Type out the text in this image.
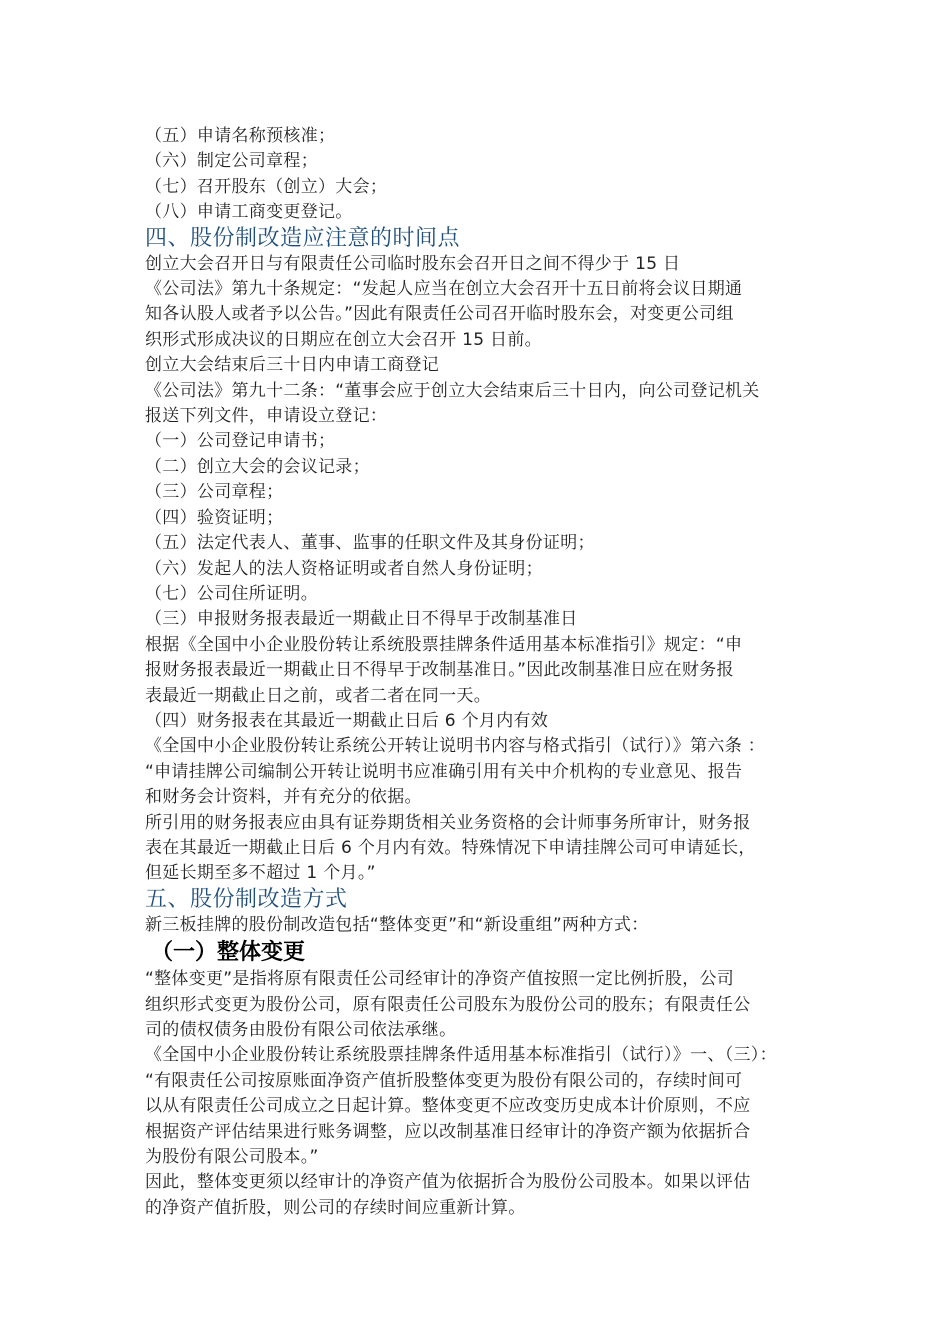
（五）申请名称预核准；
（六）制定公司章程；
（七）召开股东（创立）大会；
（八）申请工商变更登记。
四、股份制改造应注意的时间点
创立大会召开日与有限责任公司临时股东会召开日之间不得少于 15 日
《公司法》第九十条规定：“发起人应当在创立大会召开十五日前将会议日期通
知各认股人或者予以公告。”因此有限责任公司召开临时股东会，对变更公司组
织形式形成决议的日期应在创立大会召开 15 日前。
创立大会结束后三十日内申请工商登记
《公司法》第九十二条：“董事会应于创立大会结束后三十日内，向公司登记机关
报送下列文件，申请设立登记：
（一）公司登记申请书；
（二）创立大会的会议记录；
（三）公司章程；
（四）验资证明；
（五）法定代表人、董事、监事的任职文件及其身份证明；
（六）发起人的法人资格证明或者自然人身份证明；
（七）公司住所证明。
（三）申报财务报表最近一期截止日不得早于改制基准日
根据《全国中小企业股份转让系统股票挂牌条件适用基本标准指引》规定：“申
报财务报表最近一期截止日不得早于改制基准日。”因此改制基准日应在财务报
表最近一期截止日之前，或者二者在同一天。
（四）财务报表在其最近一期截止日后 6 个月内有效
《全国中小企业股份转让系统公开转让说明书内容与格式指引（试行）》第六条 ：
“申请挂牌公司编制公开转让说明书应准确引用有关中介机构的专业意见、报告
和财务会计资料，并有充分的依据。
所引用的财务报表应由具有证券期货相关业务资格的会计师事务所审计，财务报
表在其最近一期截止日后 6 个月内有效。特殊情况下申请挂牌公司可申请延长，
但延长期至多不超过 1 个月。”
五、股份制改造方式
新三板挂牌的股份制改造包括“整体变更”和“新设重组”两种方式：
（一）整体变更
“整体变更”是指将原有限责任公司经审计的净资产值按照一定比例折股，公司
组织形式变更为股份公司，原有限责任公司股东为股份公司的股东；有限责任公
司的债权债务由股份有限公司依法承继。
《全国中小企业股份转让系统股票挂牌条件适用基本标准指引（试行）》一、（三）：
“有限责任公司按原账面净资产值折股整体变更为股份有限公司的，存续时间可
以从有限责任公司成立之日起计算。整体变更不应改变历史成本计价原则，不应
根据资产评估结果进行账务调整，应以改制基准日经审计的净资产额为依据折合
为股份有限公司股本。”
因此，整体变更须以经审计的净资产值为依据折合为股份公司股本。如果以评估
的净资产值折股，则公司的存续时间应重新计算。
